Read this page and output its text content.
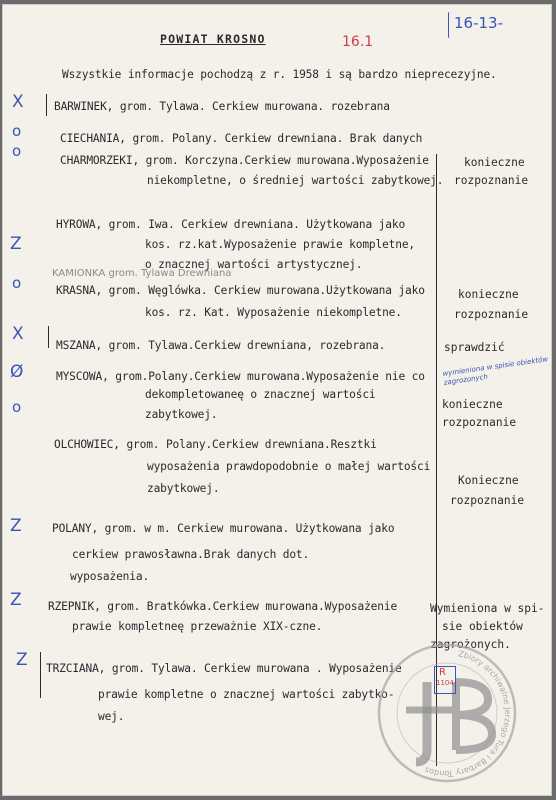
POWIAT KROSNO
16-13-
16.1
Wszystkie informacje pochodzą z r. 1958 i są bardzo nieprecezyjne.
X
o
o
Z
o
X
Ø
o
Z
Z
Z
BARWINEK, grom. Tylawa. Cerkiew murowana. rozebrana
CIECHANIA, grom. Polany. Cerkiew drewniana. Brak danych
CHARMORZEKI, grom. Korczyna.Cerkiew murowana.Wyposażenie
niekompletne, o średniej wartości zabytkowej.
konieczne
rozpoznanie
HYROWA, grom. Iwa. Cerkiew drewniana. Użytkowana jako
kos. rz.kat.Wyposażenie prawie kompletne,
o znacznej wartości artystycznej.
KAMIONKA grom. Tylawa Drewniana
KRASNA, grom. Węglówka. Cerkiew murowana.Użytkowana jako
kos. rz. Kat. Wyposażenie niekompletne.
konieczne
rozpoznanie
MSZANA, grom. Tylawa.Cerkiew drewniana, rozebrana.	sprawdzić
MYSCOWA, grom.Polany.Cerkiew murowana.Wyposażenie nie co
dekompletowaneę o znacznej wartości
zabytkowej.
wymieniona w spisie obiektów zagrożonych
konieczne
rozpoznanie
OLCHOWIEC, grom. Polany.Cerkiew drewniana.Resztki
wyposażenia prawdopodobnie o małej wartości
zabytkowej.
Konieczne
rozpoznanie
POLANY, grom. w m. Cerkiew murowana. Użytkowana jako
cerkiew prawosławna.Brak danych dot.
wyposażenia.
RZEPNIK, grom. Bratkówka.Cerkiew murowana.Wyposażenie
prawie kompletneę przeważnie XIX-czne.
Wymieniona w spi-
sie obiektów
zagrożonych.
TRZCIANA, grom. Tylawa. Cerkiew murowana . Wyposażenie
prawie kompletne o znacznej wartości zabytko-
wej.
Zbiory archiwalne Jerzego Tura i Barbary Tondos
R
1104
